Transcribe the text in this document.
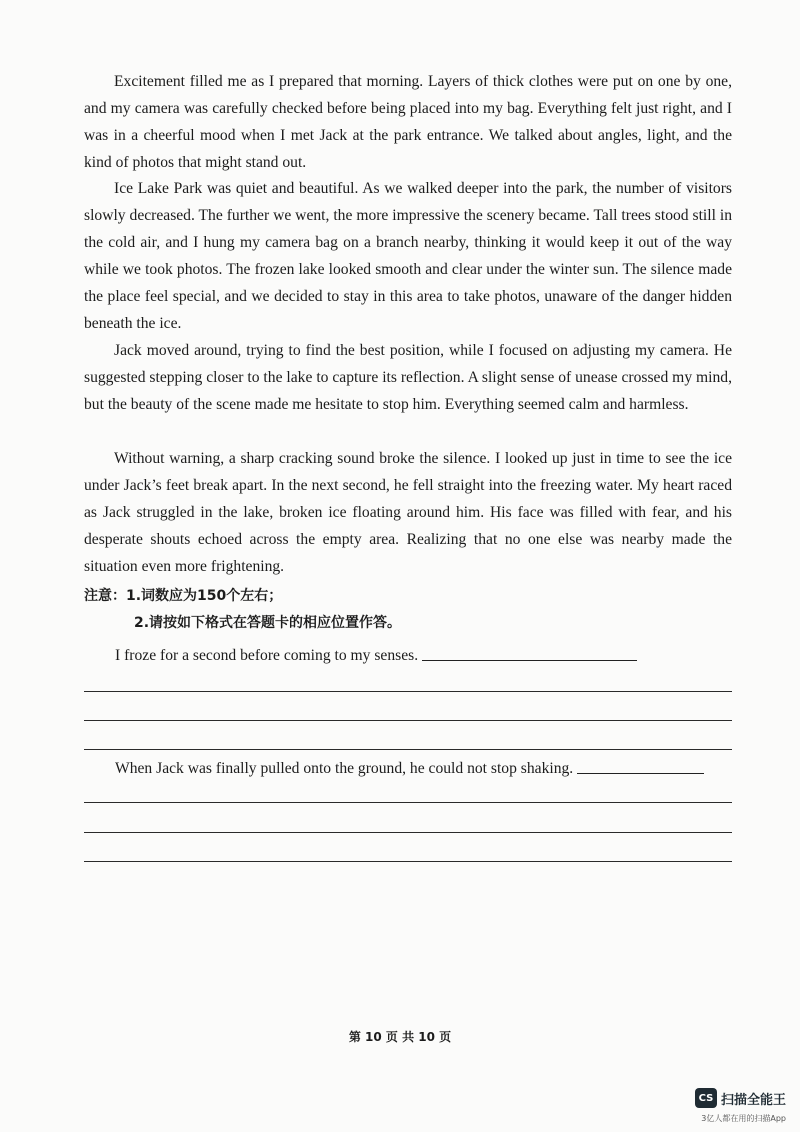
Excitement filled me as I prepared that morning. Layers of thick clothes were put on one by one, and my camera was carefully checked before being placed into my bag. Everything felt just right, and I was in a cheerful mood when I met Jack at the park entrance. We talked about angles, light, and the kind of photos that might stand out.

Ice Lake Park was quiet and beautiful. As we walked deeper into the park, the number of visitors slowly decreased. The further we went, the more impressive the scenery became. Tall trees stood still in the cold air, and I hung my camera bag on a branch nearby, thinking it would keep it out of the way while we took photos. The frozen lake looked smooth and clear under the winter sun. The silence made the place feel special, and we decided to stay in this area to take photos, unaware of the danger hidden beneath the ice.

Jack moved around, trying to find the best position, while I focused on adjusting my camera. He suggested stepping closer to the lake to capture its reflection. A slight sense of unease crossed my mind, but the beauty of the scene made me hesitate to stop him. Everything seemed calm and harmless.

Without warning, a sharp cracking sound broke the silence. I looked up just in time to see the ice under Jack’s feet break apart. In the next second, he fell straight into the freezing water. My heart raced as Jack struggled in the lake, broken ice floating around him. His face was filled with fear, and his desperate shouts echoed across the empty area. Realizing that no one else was nearby made the situation even more frightening.

注意：1.词数应为150个左右；
2.请按如下格式在答题卡的相应位置作答。
I froze for a second before coming to my senses.
When Jack was finally pulled onto the ground, he could not stop shaking.
第 10 页 共 10 页
CS 扫描全能王
3亿人都在用的扫描App
